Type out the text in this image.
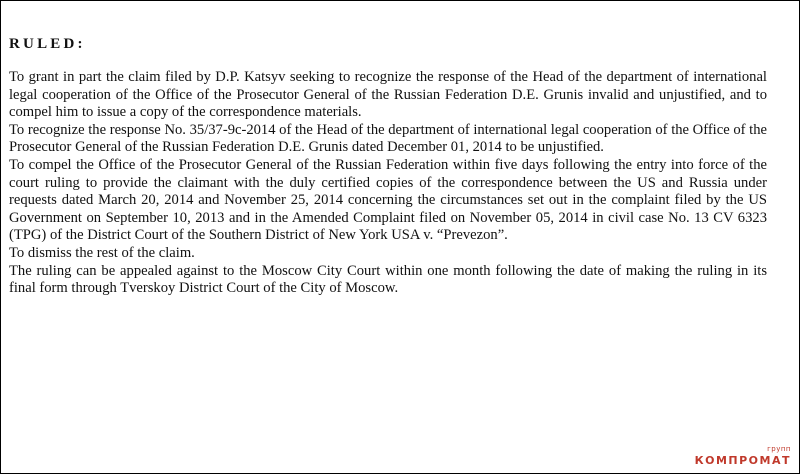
RULED:

To grant in part the claim filed by D.P. Katsyv seeking to recognize the response of the Head of the department of international legal cooperation of the Office of the Prosecutor General of the Russian Federation D.E. Grunis invalid and unjustified, and to compel him to issue a copy of the correspondence materials.

To recognize the response No. 35/37-9c-2014 of the Head of the department of international legal cooperation of the Office of the Prosecutor General of the Russian Federation D.E. Grunis dated December 01, 2014 to be unjustified.

To compel the Office of the Prosecutor General of the Russian Federation within five days following the entry into force of the court ruling to provide the claimant with the duly certified copies of the correspondence between the US and Russia under requests dated March 20, 2014 and November 25, 2014 concerning the circumstances set out in the complaint filed by the US Government on September 10, 2013 and in the Amended Complaint filed on November 05, 2014 in civil case No. 13 CV 6323 (TPG) of the District Court of the Southern District of New York USA v. “Prevezon”.

To dismiss the rest of the claim.

The ruling can be appealed against to the Moscow City Court within one month following the date of making the ruling in its final form through Tverskoy District Court of the City of Moscow.

групп
КОМПРОМАТ
